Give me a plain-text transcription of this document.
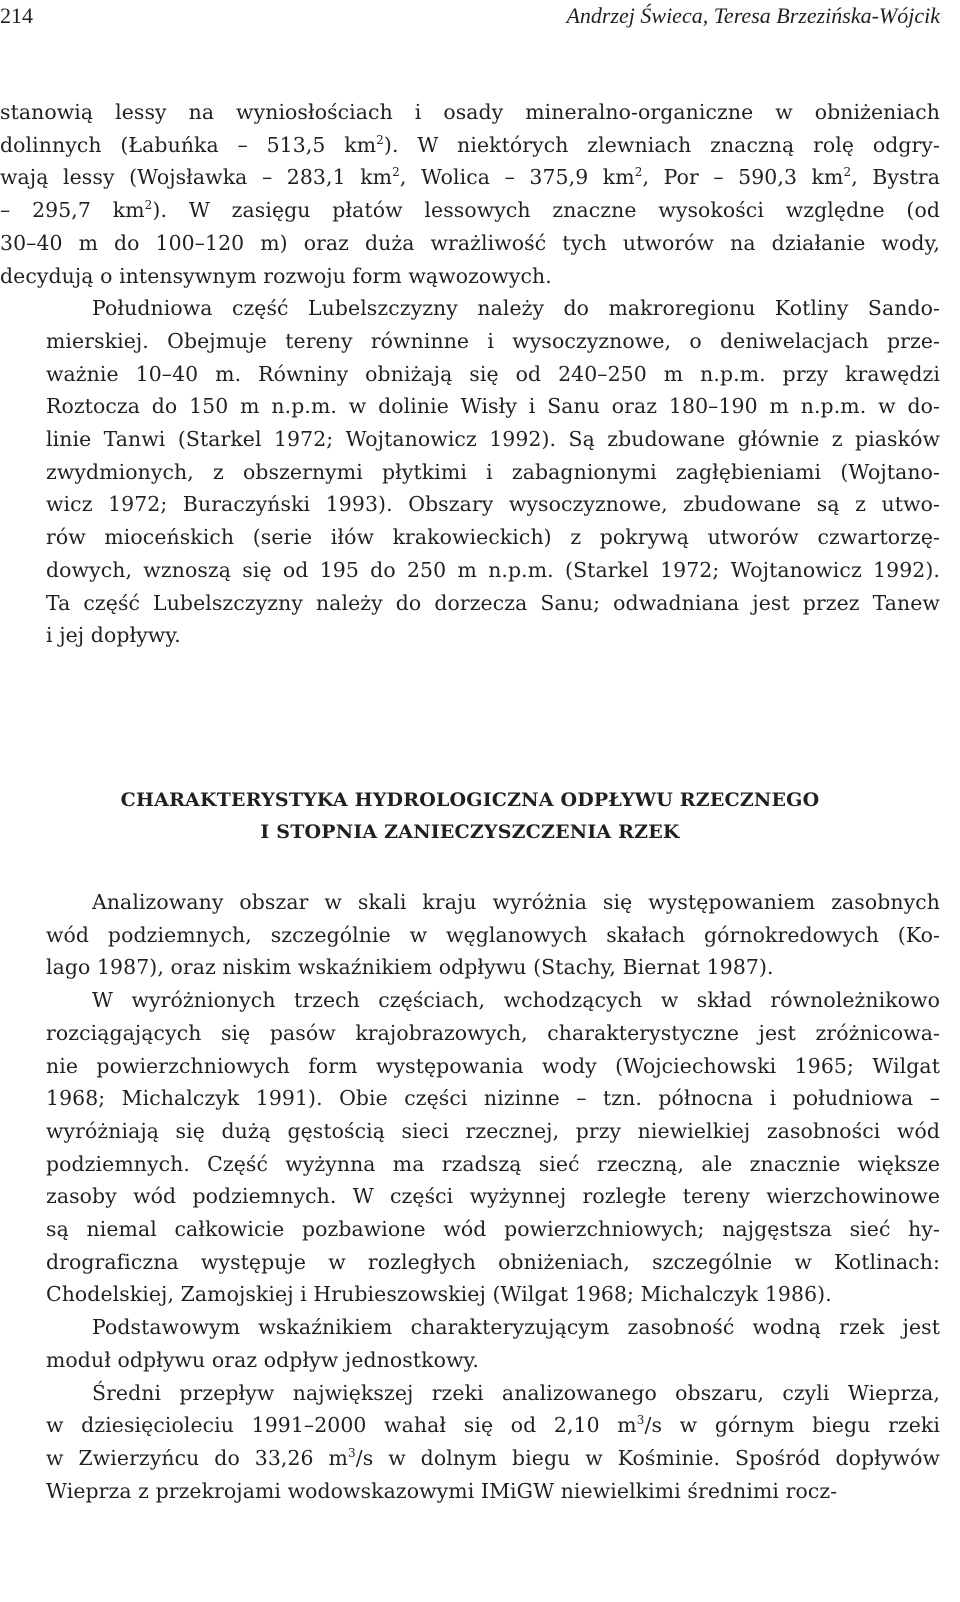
214	Andrzej Świeca, Teresa Brzezińska-Wójcik
stanowią lessy na wyniosłościach i osady mineralno-organiczne w obniżeniach
dolinnych (Łabuńka – 513,5 $km^2$). W niektórych zlewniach znaczną rolę odgry-
wają lessy (Wojsławka – 283,1 $km^2$, Wolica – 375,9 $km^2$, Por – 590,3 $km^2$, Bystra
– 295,7 $km^2$). W zasięgu płatów lessowych znaczne wysokości względne (od
30–40 m do 100–120 m) oraz duża wrażliwość tych utworów na działanie wody,
decydują o intensywnym rozwoju form wąwozowych.
Południowa część Lubelszczyzny należy do makroregionu Kotliny Sando-
mierskiej. Obejmuje tereny równinne i wysoczyznowe, o deniwelacjach prze-
ważnie 10–40 m. Równiny obniżają się od 240–250 m n.p.m. przy krawędzi
Roztocza do 150 m n.p.m. w dolinie Wisły i Sanu oraz 180–190 m n.p.m. w do-
linie Tanwi (Starkel 1972; Wojtanowicz 1992). Są zbudowane głównie z piasków
zwydmionych, z obszernymi płytkimi i zabagnionymi zagłębieniami (Wojtano-
wicz 1972; Buraczyński 1993). Obszary wysoczyznowe, zbudowane są z utwo-
rów mioceńskich (serie iłów krakowieckich) z pokrywą utworów czwartorzę-
dowych, wznoszą się od 195 do 250 m n.p.m. (Starkel 1972; Wojtanowicz 1992).
Ta część Lubelszczyzny należy do dorzecza Sanu; odwadniana jest przez Tanew
i jej dopływy.
CHARAKTERYSTYKA HYDROLOGICZNA ODPŁYWU RZECZNEGO
I STOPNIA ZANIECZYSZCZENIA RZEK
Analizowany obszar w skali kraju wyróżnia się występowaniem zasobnych
wód podziemnych, szczególnie w węglanowych skałach górnokredowych (Ko-
lago 1987), oraz niskim wskaźnikiem odpływu (Stachy, Biernat 1987).
W wyróżnionych trzech częściach, wchodzących w skład równoleżnikowo
rozciągających się pasów krajobrazowych, charakterystyczne jest zróżnicowa-
nie powierzchniowych form występowania wody (Wojciechowski 1965; Wilgat
1968; Michalczyk 1991). Obie części nizinne – tzn. północna i południowa –
wyróżniają się dużą gęstością sieci rzecznej, przy niewielkiej zasobności wód
podziemnych. Część wyżynna ma rzadszą sieć rzeczną, ale znacznie większe
zasoby wód podziemnych. W części wyżynnej rozległe tereny wierzchowinowe
są niemal całkowicie pozbawione wód powierzchniowych; najgęstsza sieć hy-
drograficzna występuje w rozległych obniżeniach, szczególnie w Kotlinach:
Chodelskiej, Zamojskiej i Hrubieszowskiej (Wilgat 1968; Michalczyk 1986).
Podstawowym wskaźnikiem charakteryzującym zasobność wodną rzek jest
moduł odpływu oraz odpływ jednostkowy.
Średni przepływ największej rzeki analizowanego obszaru, czyli Wieprza,
w dziesięcioleciu 1991–2000 wahał się od 2,10 $m^3/s$ w górnym biegu rzeki
w Zwierzyńcu do 33,26 $m^3/s$ w dolnym biegu w Kośminie. Spośród dopływów
Wieprza z przekrojami wodowskazowymi IMiGW niewielkimi średnimi rocz-
